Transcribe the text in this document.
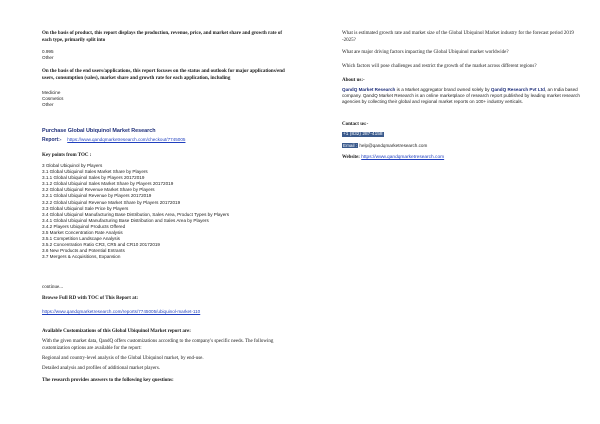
On the basis of product, this report displays the production, revenue, price, and market share and growth rate of each type, primarily split into

0.995
Other

On the basis of the end users/applications, this report focuses on the status and outlook for major applications/end users, consumption (sales), market share and growth rate for each application, including

Medicine
Cosmetics
Other
Purchase Global Ubiquinol Market Research
Report:- https://www.qandqmarketresearch.com/checkout/7745005
Key points from TOC :
3 Global Ubiquinol by Players
3.1 Global Ubiquinol Sales Market Share by Players
3.1.1 Global Ubiquinol Sales by Players 20172019
3.1.2 Global Ubiquinol Sales Market Share by Players 20172019
3.2 Global Ubiquinol Revenue Market Share by Players
3.2.1 Global Ubiquinol Revenue by Players 20172019
3.2.2 Global Ubiquinol Revenue Market Share by Players 20172019
3.3 Global Ubiquinol Sale Price by Players
3.4 Global Ubiquinol Manufacturing Base Distribution, Sales Area, Product Types by Players
3.4.1 Global Ubiquinol Manufacturing Base Distribution and Sales Area by Players
3.4.2 Players Ubiquinol Products Offered
3.5 Market Concentration Rate Analysis
3.5.1 Competition Landscape Analysis
3.5.2 Concentration Ratio CR3, CR5 and CR10 20172019
3.6 New Products and Potential Entrants
3.7 Mergers & Acquisitions, Expansion
continue...
Browse Full RD with TOC of This Report at:
https://www.qandqmarketresearch.com/reports/7745005/ubiquinol-market-110
Available Customizations of this Global Ubiquinol Market report are:

With the given market data, QandQ offers customizations according to the company's specific needs. The following customization options are available for the report:

Regional and country-level analysis of the Global Ubiquinol market, by end-use.
Detailed analysis and profiles of additional market players.
The research provides answers to the following key questions:

What is estimated growth rate and market size of the Global Ubiquinol Market industry for the forecast period 2019 -2025?

What are major driving factors impacting the Global Ubiquinol market worldwide?

Which factors will pose challenges and restrict the growth of the market across different regions?

About us:-

QandQ Market Research is a Market aggregator brand owned solely by QandQ Research Pvt Ltd, an India based company. QandQ Market Research is an online marketplace of research report published by leading market research agencies by collecting their global and regional market reports on 100+ industry verticals.

Contact us:-
+1 (832) 287-4158
Email : help@qandqmarketresearch.com
Website: https://www.qandqmarketresearch.com
